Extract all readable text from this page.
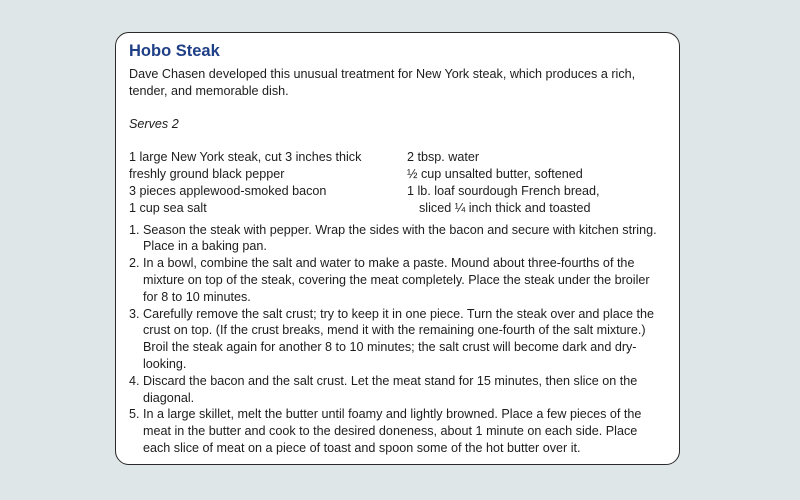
Hobo Steak

Dave Chasen developed this unusual treatment for New York steak, which produces a rich, tender, and memorable dish.

Serves 2

1 large New York steak, cut 3 inches thick
freshly ground black pepper
3 pieces applewood-smoked bacon
1 cup sea salt
2 tbsp. water
½ cup unsalted butter, softened
1 lb. loaf sourdough French bread,
sliced ¼ inch thick and toasted
1. Season the steak with pepper. Wrap the sides with the bacon and secure with kitchen string. Place in a baking pan.
2. In a bowl, combine the salt and water to make a paste. Mound about three-fourths of the mixture on top of the steak, covering the meat completely. Place the steak under the broiler for 8 to 10 minutes.
3. Carefully remove the salt crust; try to keep it in one piece. Turn the steak over and place the crust on top. (If the crust breaks, mend it with the remaining one-fourth of the salt mixture.) Broil the steak again for another 8 to 10 minutes; the salt crust will become dark and dry-looking.
4. Discard the bacon and the salt crust. Let the meat stand for 15 minutes, then slice on the diagonal.
5. In a large skillet, melt the butter until foamy and lightly browned. Place a few pieces of the meat in the butter and cook to the desired doneness, about 1 minute on each side. Place each slice of meat on a piece of toast and spoon some of the hot butter over it.
